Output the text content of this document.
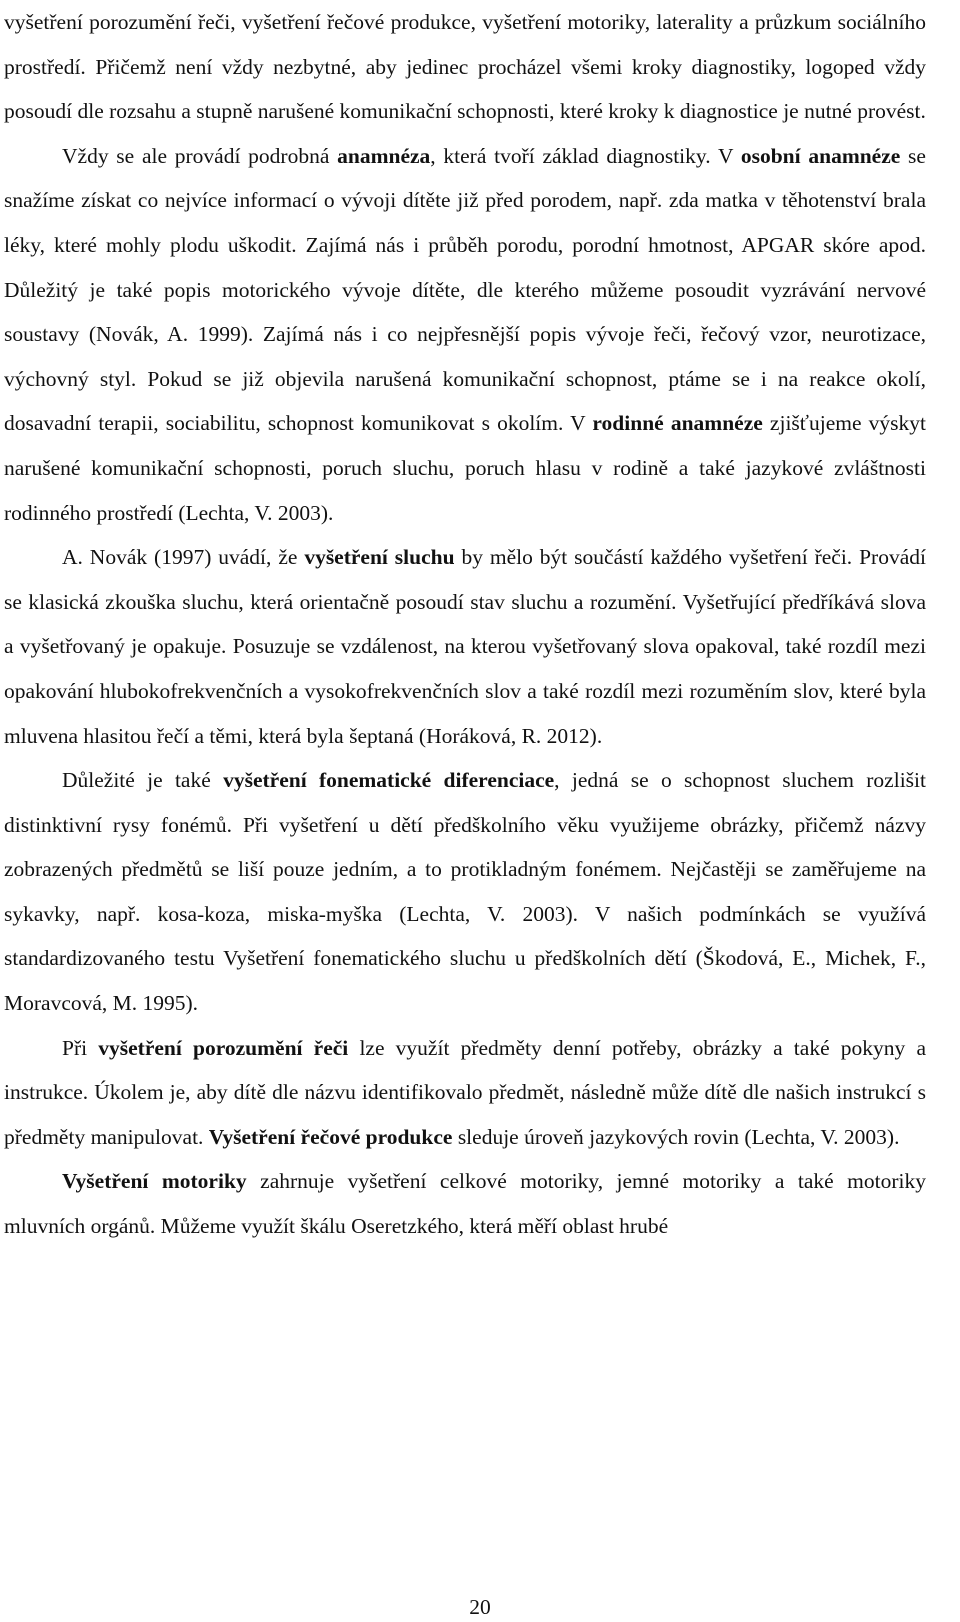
vyšetření porozumění řeči, vyšetření řečové produkce, vyšetření motoriky, laterality a průzkum sociálního prostředí. Přičemž není vždy nezbytné, aby jedinec procházel všemi kroky diagnostiky, logoped vždy posoudí dle rozsahu a stupně narušené komunikační schopnosti, které kroky k diagnostice je nutné provést.

Vždy se ale provádí podrobná anamnéza, která tvoří základ diagnostiky. V osobní anamnéze se snažíme získat co nejvíce informací o vývoji dítěte již před porodem, např. zda matka v těhotenství brala léky, které mohly plodu uškodit. Zajímá nás i průběh porodu, porodní hmotnost, APGAR skóre apod. Důležitý je také popis motorického vývoje dítěte, dle kterého můžeme posoudit vyzrávání nervové soustavy (Novák, A. 1999). Zajímá nás i co nejpřesnější popis vývoje řeči, řečový vzor, neurotizace, výchovný styl. Pokud se již objevila narušená komunikační schopnost, ptáme se i na reakce okolí, dosavadní terapii, sociabilitu, schopnost komunikovat s okolím. V rodinné anamnéze zjišťujeme výskyt narušené komunikační schopnosti, poruch sluchu, poruch hlasu v rodině a také jazykové zvláštnosti rodinného prostředí (Lechta, V. 2003).

A. Novák (1997) uvádí, že vyšetření sluchu by mělo být součástí každého vyšetření řeči. Provádí se klasická zkouška sluchu, která orientačně posoudí stav sluchu a rozumění. Vyšetřující předříkává slova a vyšetřovaný je opakuje. Posuzuje se vzdálenost, na kterou vyšetřovaný slova opakoval, také rozdíl mezi opakování hlubokofrekvenčních a vysokofrekvenčních slov a také rozdíl mezi rozuměním slov, které byla mluvena hlasitou řečí a těmi, která byla šeptaná (Horáková, R. 2012).

Důležité je také vyšetření fonematické diferenciace, jedná se o schopnost sluchem rozlišit distinktivní rysy fonémů. Při vyšetření u dětí předškolního věku využijeme obrázky, přičemž názvy zobrazených předmětů se liší pouze jedním, a to protikladným fonémem. Nejčastěji se zaměřujeme na sykavky, např. kosa-koza, miska-myška (Lechta, V. 2003). V našich podmínkách se využívá standardizovaného testu Vyšetření fonematického sluchu u předškolních dětí (Škodová, E., Michek, F., Moravcová, M. 1995).

Při vyšetření porozumění řeči lze využít předměty denní potřeby, obrázky a také pokyny a instrukce. Úkolem je, aby dítě dle názvu identifikovalo předmět, následně může dítě dle našich instrukcí s předměty manipulovat. Vyšetření řečové produkce sleduje úroveň jazykových rovin (Lechta, V. 2003).

Vyšetření motoriky zahrnuje vyšetření celkové motoriky, jemné motoriky a také motoriky mluvních orgánů. Můžeme využít škálu Oseretzkého, která měří oblast hrubé

20
